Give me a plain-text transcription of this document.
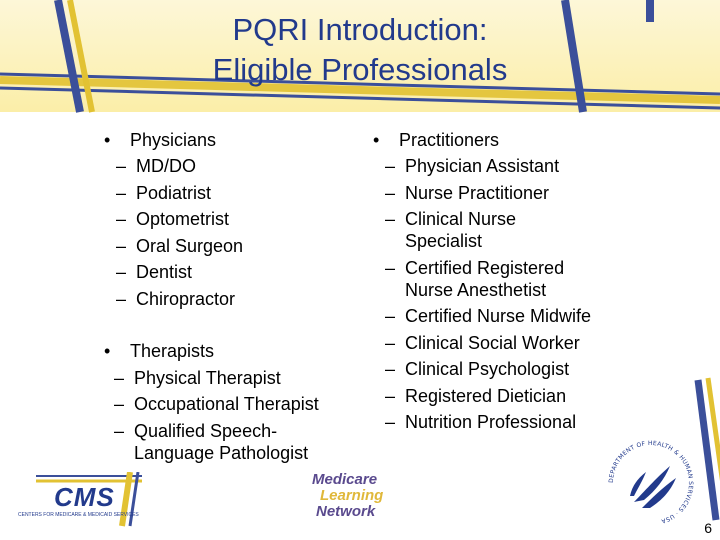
PQRI Introduction:
Eligible Professionals
• Physicians
– MD/DO
– Podiatrist
– Optometrist
– Oral Surgeon
– Dentist
– Chiropractor
• Therapists
– Physical Therapist
– Occupational Therapist
– Qualified Speech-Language Pathologist
• Practitioners
– Physician Assistant
– Nurse Practitioner
– Clinical Nurse Specialist
– Certified Registered Nurse Anesthetist
– Certified Nurse Midwife
– Clinical Social Worker
– Clinical Psychologist
– Registered Dietician
– Nutrition Professional
CMS
CENTERS FOR MEDICARE & MEDICAID SERVICES
Medicare
Learning
Network
DEPARTMENT OF HEALTH & HUMAN SERVICES · USA	6
